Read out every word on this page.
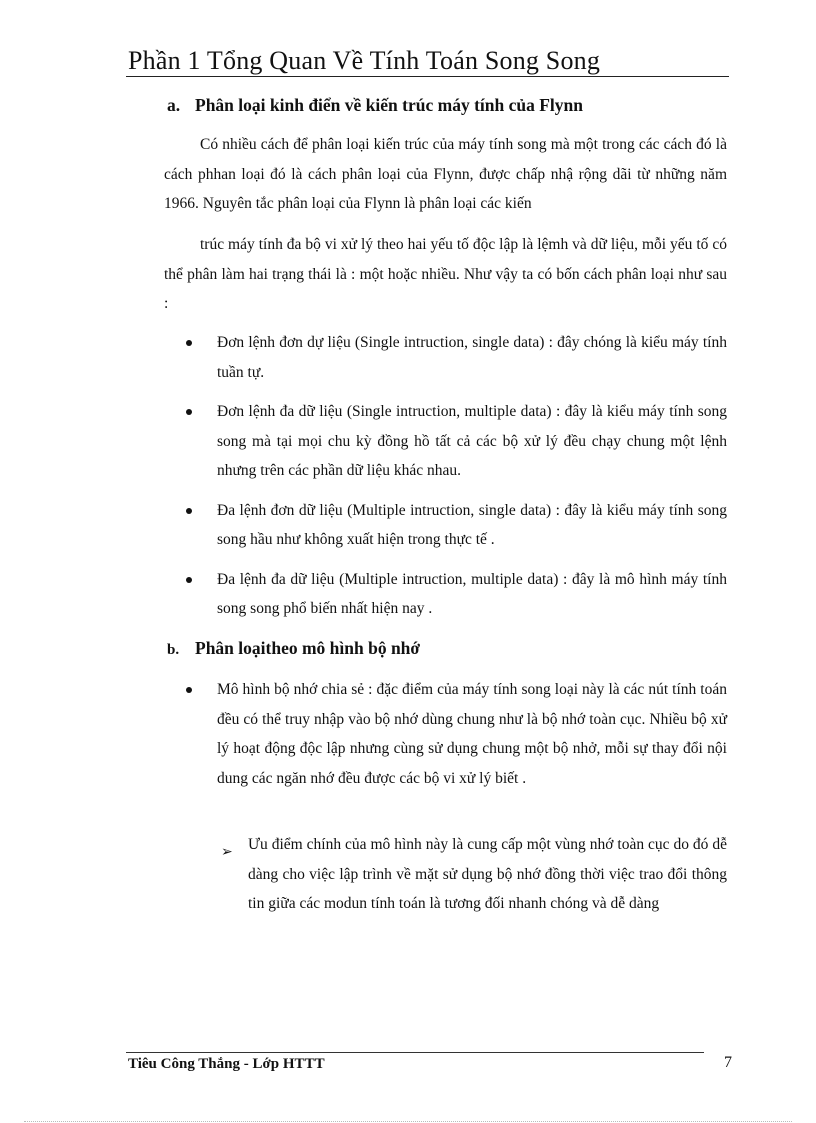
Phần 1 Tổng Quan Về Tính Toán Song Song
a. Phân loại kinh điển về kiến trúc máy tính của Flynn

Có nhiều cách để phân loại kiến trúc của máy tính song mà một trong các cách đó là cách phhan loại đó là cách phân loại của Flynn, được chấp nhậ rộng dãi từ những năm 1966. Nguyên tắc phân loại của Flynn là phân loại các kiến

trúc máy tính đa bộ vi xử lý theo hai yếu tố độc lập là lệmh và dữ liệu, mỗi yếu tố có thể phân làm hai trạng thái là : một hoặc nhiều. Như vậy ta có bốn cách phân loại như sau :

Đơn lệnh đơn dự liệu (Single intruction, single data) : đây chóng là kiểu máy tính tuần tự.
Đơn lệnh đa dữ liệu (Single intruction, multiple data) : đây là kiểu máy tính song song mà tại mọi chu kỳ đồng hồ tất cả các bộ xử lý đều chạy chung một lệnh nhưng trên các phần dữ liệu khác nhau.
Đa lệnh đơn dữ liệu (Multiple intruction, single data) : đây là kiểu máy tính song song hầu như không xuất hiện trong thực tế .
Đa lệnh đa dữ liệu (Multiple intruction, multiple data) : đây là mô hình máy tính song song phổ biến nhất hiện nay .
b. Phân loạitheo mô hình bộ nhớ
Mô hình bộ nhớ chia sẻ : đặc điểm của máy tính song loại này là các nút tính toán đều có thể truy nhập vào bộ nhớ dùng chung như là bộ nhớ toàn cục. Nhiều bộ xử lý hoạt động độc lập nhưng cùng sử dụng chung một bộ nhở, mỗi sự thay đổi nội dung các ngăn nhớ đều được các bộ vi xử lý biết .
➢ Ưu điểm chính của mô hình này là cung cấp một vùng nhớ toàn cục do đó dễ dàng cho việc lập trình về mặt sử dụng bộ nhớ đồng thời việc trao đổi thông tin giữa các modun tính toán là tương đối nhanh chóng và dễ dàng

Tiêu Công Thắng - Lớp HTTT	7
